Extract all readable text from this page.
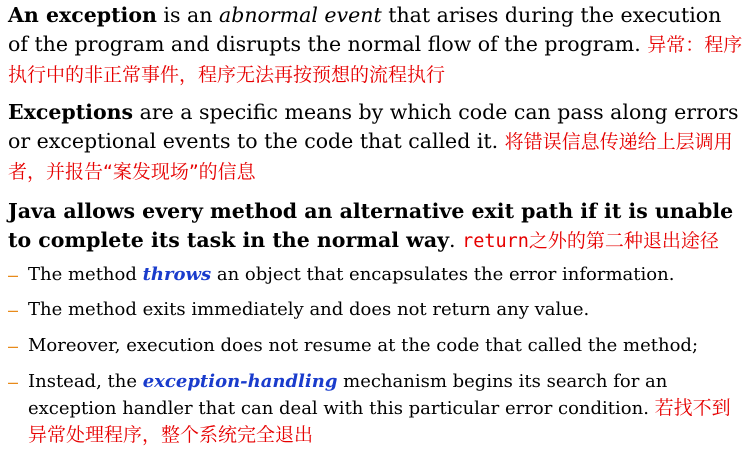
An exception is an abnormal event that arises during the execution of the program and disrupts the normal flow of the program. 异常：程序执行中的非正常事件，程序无法再按预想的流程执行
Exceptions are a specific means by which code can pass along errors or exceptional events to the code that called it. 将错误信息传递给上层调用者，并报告“案发现场”的信息
Java allows every method an alternative exit path if it is unable to complete its task in the normal way. return之外的第二种退出途径
– The method throws an object that encapsulates the error information.
– The method exits immediately and does not return any value.
– Moreover, execution does not resume at the code that called the method;
– Instead, the exception-handling mechanism begins its search for an exception handler that can deal with this particular error condition. 若找不到异常处理程序，整个系统完全退出
